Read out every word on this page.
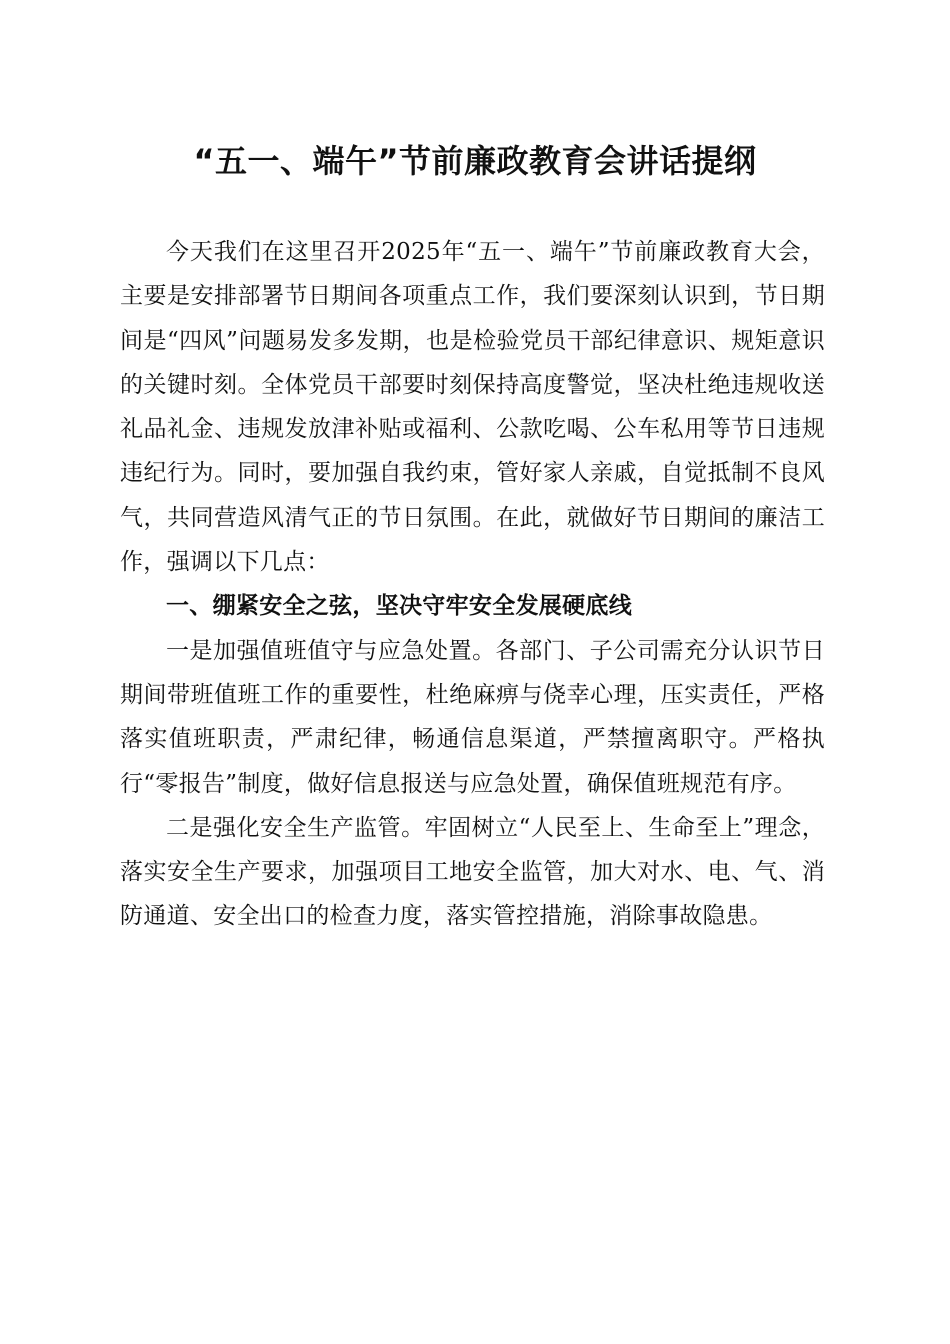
“五一、端午”节前廉政教育会讲话提纲

今天我们在这里召开2025年“五一、端午”节前廉政教育大会，主要是安排部署节日期间各项重点工作，我们要深刻认识到，节日期间是“四风”问题易发多发期，也是检验党员干部纪律意识、规矩意识的关键时刻。全体党员干部要时刻保持高度警觉，坚决杜绝违规收送礼品礼金、违规发放津补贴或福利、公款吃喝、公车私用等节日违规违纪行为。同时，要加强自我约束，管好家人亲戚，自觉抵制不良风气，共同营造风清气正的节日氛围。在此，就做好节日期间的廉洁工作，强调以下几点：

一、绷紧安全之弦，坚决守牢安全发展硬底线

一是加强值班值守与应急处置。各部门、子公司需充分认识节日期间带班值班工作的重要性，杜绝麻痹与侥幸心理，压实责任，严格落实值班职责，严肃纪律，畅通信息渠道，严禁擅离职守。严格执行“零报告”制度，做好信息报送与应急处置，确保值班规范有序。

二是强化安全生产监管。牢固树立“人民至上、生命至上”理念，落实安全生产要求，加强项目工地安全监管，加大对水、电、气、消防通道、安全出口的检查力度，落实管控措施，消除事故隐患。
